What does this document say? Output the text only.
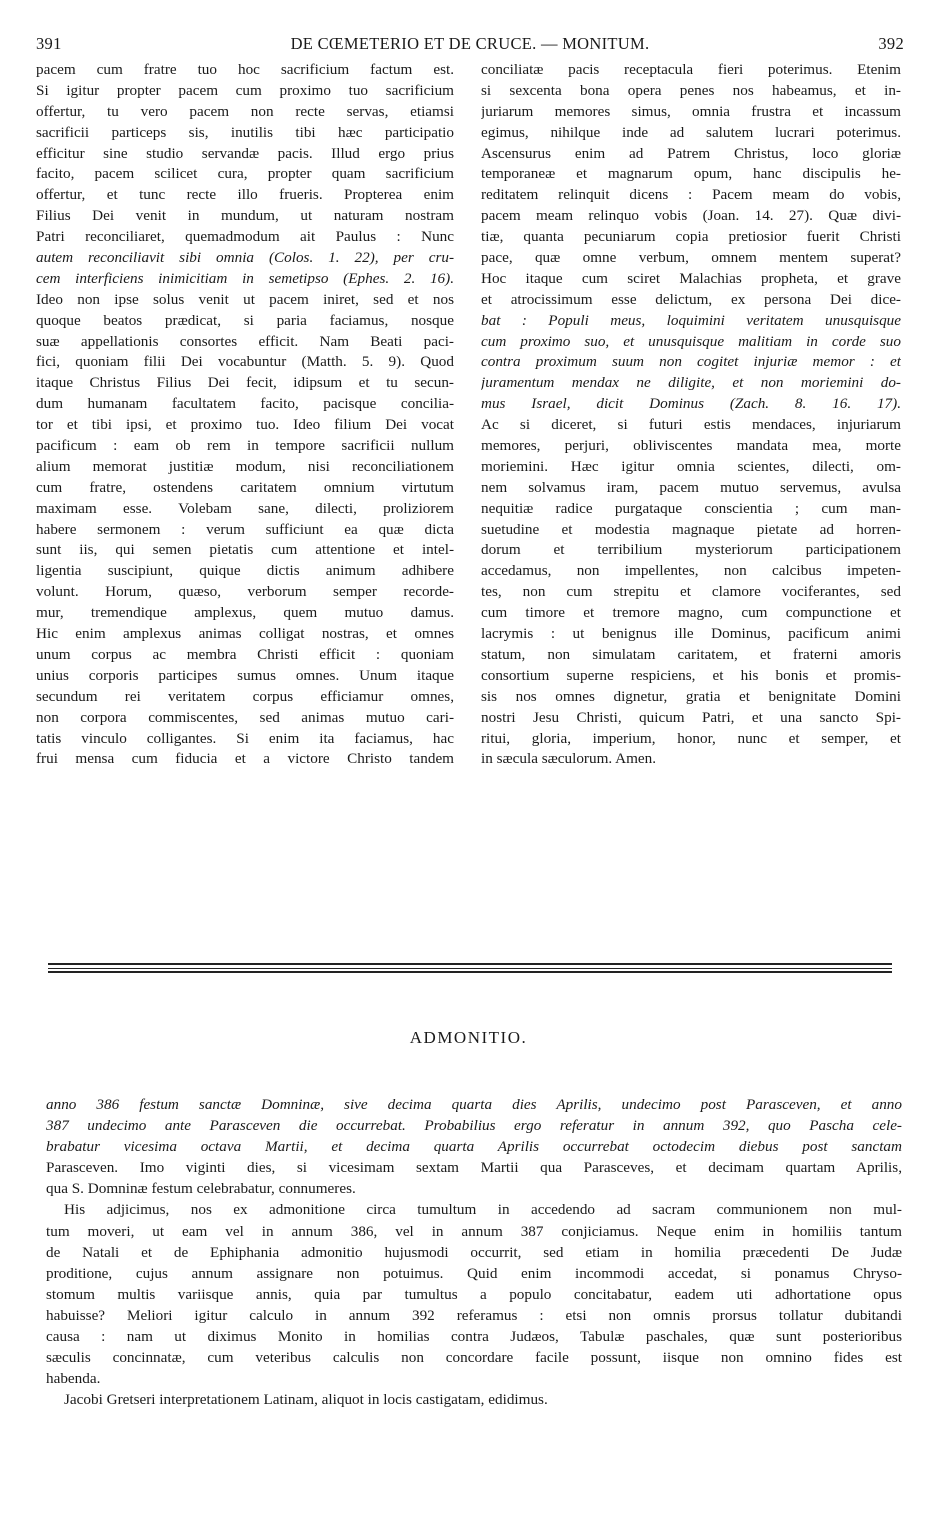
391	DE CŒMETERIO ET DE CRUCE. — MONITUM.	392
pacem cum fratre tuo hoc sacrificium factum est.
Si igitur propter pacem cum proximo tuo sacrificium
offertur, tu vero pacem non recte servas, etiamsi
sacrificii particeps sis, inutilis tibi hæc participatio
efficitur sine studio servandæ pacis. Illud ergo prius
facito, pacem scilicet cura, propter quam sacrificium
offertur, et tunc recte illo frueris. Propterea enim
Filius Dei venit in mundum, ut naturam nostram
Patri reconciliaret, quemadmodum ait Paulus : Nunc
autem reconciliavit sibi omnia (Colos. 1. 22), per cru-
cem interficiens inimicitiam in semetipso (Ephes. 2. 16).
Ideo non ipse solus venit ut pacem iniret, sed et nos
quoque beatos prædicat, si paria faciamus, nosque
suæ appellationis consortes efficit. Nam Beati paci-
fici, quoniam filii Dei vocabuntur (Matth. 5. 9). Quod
itaque Christus Filius Dei fecit, idipsum et tu secun-
dum humanam facultatem facito, pacisque concilia-
tor et tibi ipsi, et proximo tuo. Ideo filium Dei vocat
pacificum : eam ob rem in tempore sacrificii nullum
alium memorat justitiæ modum, nisi reconciliationem
cum fratre, ostendens caritatem omnium virtutum
maximam esse. Volebam sane, dilecti, proliziorem
habere sermonem : verum sufficiunt ea quæ dicta
sunt iis, qui semen pietatis cum attentione et intel-
ligentia suscipiunt, quique dictis animum adhibere
volunt. Horum, quæso, verborum semper recorde-
mur, tremendique amplexus, quem mutuo damus.
Hic enim amplexus animas colligat nostras, et omnes
unum corpus ac membra Christi efficit : quoniam
unius corporis participes sumus omnes. Unum itaque
secundum rei veritatem corpus efficiamur omnes,
non corpora commiscentes, sed animas mutuo cari-
tatis vinculo colligantes. Si enim ita faciamus, hac
frui mensa cum fiducia et a victore Christo tandem
conciliatæ pacis receptacula fieri poterimus. Etenim
si sexcenta bona opera penes nos habeamus, et in-
juriarum memores simus, omnia frustra et incassum
egimus, nihilque inde ad salutem lucrari poterimus.
Ascensurus enim ad Patrem Christus, loco gloriæ
temporaneæ et magnarum opum, hanc discipulis he-
reditatem relinquit dicens : Pacem meam do vobis,
pacem meam relinquo vobis (Joan. 14. 27). Quæ divi-
tiæ, quanta pecuniarum copia pretiosior fuerit Christi
pace, quæ omne verbum, omnem mentem superat?
Hoc itaque cum sciret Malachias propheta, et grave
et atrocissimum esse delictum, ex persona Dei dice-
bat : Populi meus, loquimini veritatem unusquisque
cum proximo suo, et unusquisque malitiam in corde suo
contra proximum suum non cogitet injuriæ memor : et
juramentum mendax ne diligite, et non moriemini do-
mus Israel, dicit Dominus (Zach. 8. 16. 17).
Ac si diceret, si futuri estis mendaces, injuriarum
memores, perjuri, obliviscentes mandata mea, morte
moriemini. Hæc igitur omnia scientes, dilecti, om-
nem solvamus iram, pacem mutuo servemus, avulsa
nequitiæ radice purgataque conscientia ; cum man-
suetudine et modestia magnaque pietate ad horren-
dorum et terribilium mysteriorum participationem
accedamus, non impellentes, non calcibus impeten-
tes, non cum strepitu et clamore vociferantes, sed
cum timore et tremore magno, cum compunctione et
lacrymis : ut benignus ille Dominus, pacificum animi
statum, non simulatam caritatem, et fraterni amoris
consortium superne respiciens, et his bonis et promis-
sis nos omnes dignetur, gratia et benignitate Domini
nostri Jesu Christi, quicum Patri, et una sancto Spi-
ritui, gloria, imperium, honor, nunc et semper, et
in sæcula sæculorum. Amen.
ADMONITIO.
anno 386 festum sanctæ Domninæ, sive decima quarta dies Aprilis, undecimo post Parasceven, et anno
387 undecimo ante Parasceven die occurrebat. Probabilius ergo referatur in annum 392, quo Pascha cele-
brabatur vicesima octava Martii, et decima quarta Aprilis occurrebat octodecim diebus post sanctam
Parasceven. Imo viginti dies, si vicesimam sextam Martii qua Parasceves, et decimam quartam Aprilis,
qua S. Domninæ festum celebrabatur, connumeres.
His adjicimus, nos ex admonitione circa tumultum in accedendo ad sacram communionem non mul-
tum moveri, ut eam vel in annum 386, vel in annum 387 conjiciamus. Neque enim in homiliis tantum
de Natali et de Ephiphania admonitio hujusmodi occurrit, sed etiam in homilia præcedenti De Judæ
proditione, cujus annum assignare non potuimus. Quid enim incommodi accedat, si ponamus Chryso-
stomum multis variisque annis, quia par tumultus a populo concitabatur, eadem uti adhortatione opus
habuisse? Meliori igitur calculo in annum 392 referamus : etsi non omnis prorsus tollatur dubitandi
causa : nam ut diximus Monito in homilias contra Judæos, Tabulæ paschales, quæ sunt posterioribus
sæculis concinnatæ, cum veteribus calculis non concordare facile possunt, iisque non omnino fides est
habenda.
Jacobi Gretseri interpretationem Latinam, aliquot in locis castigatam, edidimus.
